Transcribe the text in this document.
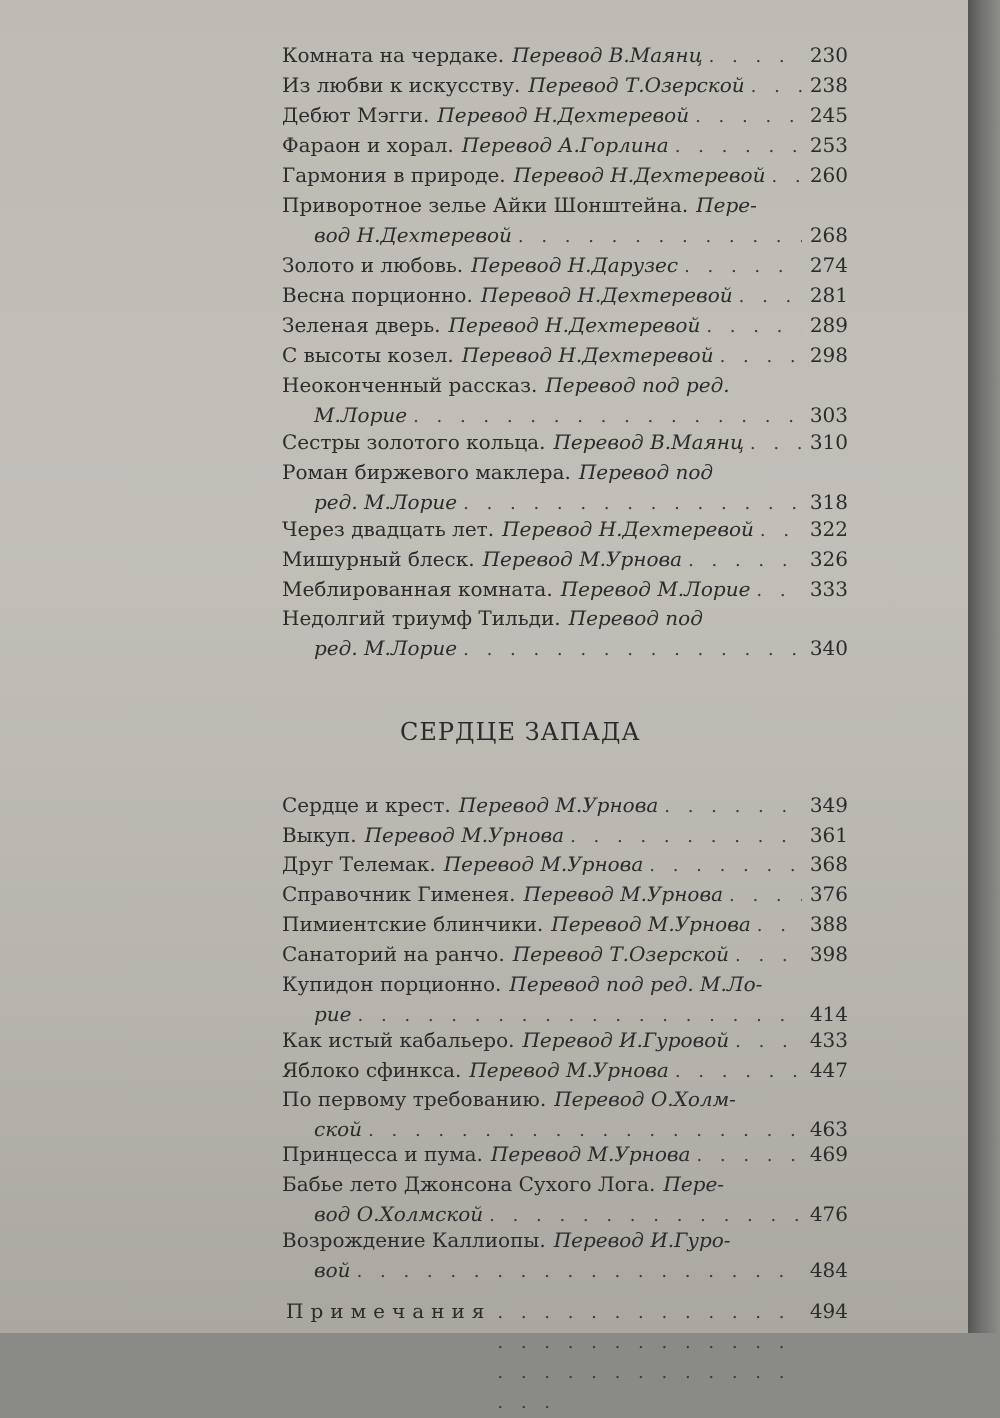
Комната на чердаке. Перевод В.Маянц . . .	230
Из любви к искусству. Перевод Т.Озерской . . .	238
Дебют Мэгги. Перевод Н.Дехтеревой . . .	245
Фараон и хорал. Перевод А.Горлина . . .	253
Гармония в природе. Перевод Н.Дехтеревой . . . 260
Приворотное зелье Айки Шонштейна. Пере-
вод Н.Дехтеревой . . .	268
Золото и любовь. Перевод Н.Дарузес . . .	274
Весна порционно. Перевод Н.Дехтеревой . . .	281
Зеленая дверь. Перевод Н.Дехтеревой . . .	289
С высоты козел. Перевод Н.Дехтеревой . . .	298
Неоконченный рассказ. Перевод под ред.
М.Лорие . . .	303
Сестры золотого кольца. Перевод В.Маянц . . .	310
Роман биржевого маклера. Перевод под
ред. М.Лорие . . .	318
Через двадцать лет. Перевод Н.Дехтеревой . . .	322
Мишурный блеск. Перевод М.Урнова . . .	326
Меблированная комната. Перевод М.Лорие . . .	333
Недолгий триумф Тильди. Перевод под
ред. М.Лорие . . .	340
Сердце и крест. Перевод М.Урнова . . .	349
Выкуп. Перевод М.Урнова . . .	361
Друг Телемак. Перевод М.Урнова . . .	368
Справочник Гименея. Перевод М.Урнова . . .	376
Пимиентские блинчики. Перевод М.Урнова . . .	388
Санаторий на ранчо. Перевод Т.Озерской . . .	398
Купидон порционно. Перевод под ред. М.Ло-
рие . . .	414
Как истый кабальеро. Перевод И.Гуровой . . .	433
Яблоко сфинкса. Перевод М.Урнова . . .	447
По первому требованию. Перевод О.Холм-
ской . . .	463
Принцесса и пума. Перевод М.Урнова . . .	469
Бабье лето Джонсона Сухого Лога. Пере-
вод О.Холмской . . .	476
Возрождение Каллиопы. Перевод И.Гуро-
вой . . .	484
СЕРДЦЕ ЗАПАДА
Примечания . . .	494
